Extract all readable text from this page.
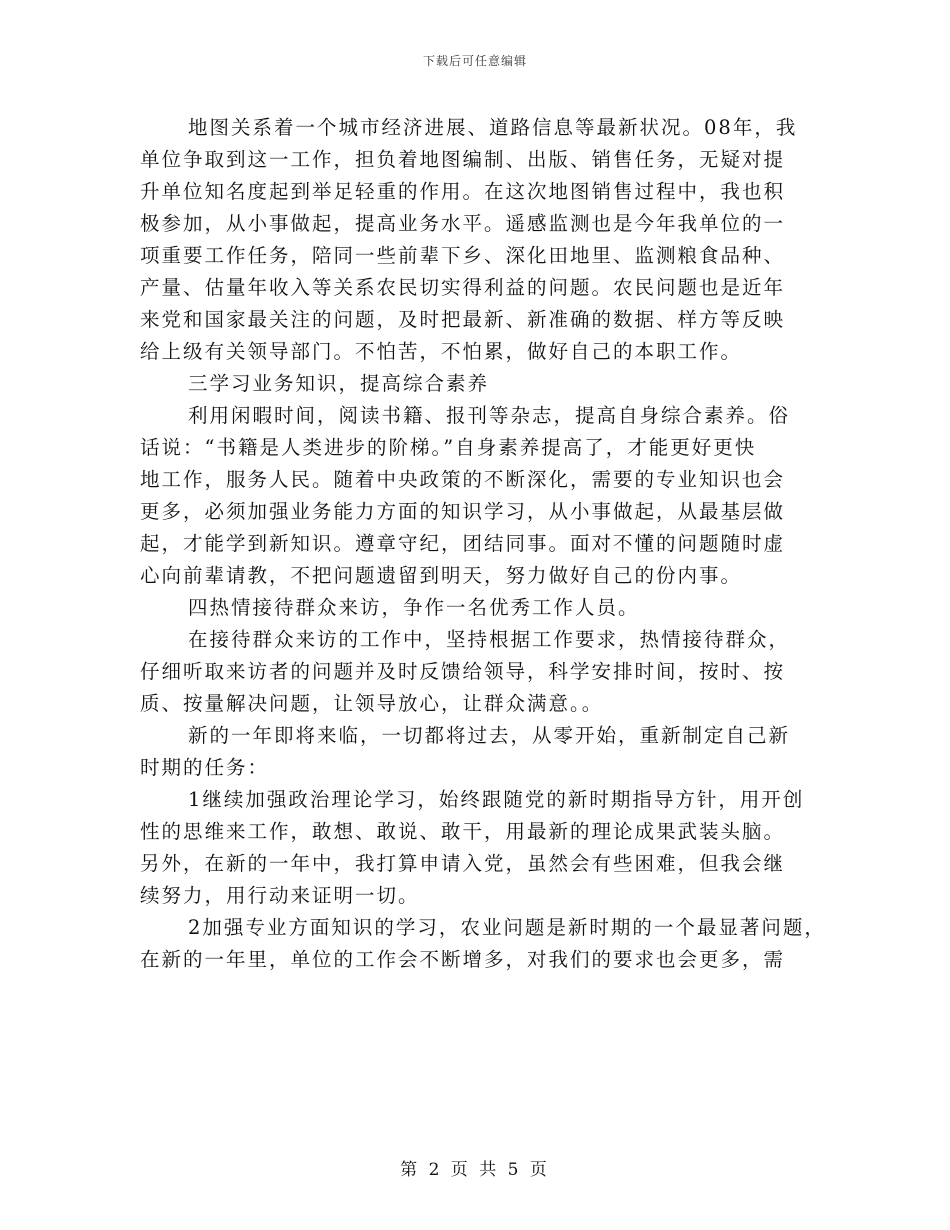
下载后可任意编辑
地图关系着一个城市经济进展、道路信息等最新状况。08年，我
单位争取到这一工作，担负着地图编制、出版、销售任务，无疑对提
升单位知名度起到举足轻重的作用。在这次地图销售过程中，我也积
极参加，从小事做起，提高业务水平。遥感监测也是今年我单位的一
项重要工作任务，陪同一些前辈下乡、深化田地里、监测粮食品种、
产量、估量年收入等关系农民切实得利益的问题。农民问题也是近年
来党和国家最关注的问题，及时把最新、新准确的数据、样方等反映
给上级有关领导部门。不怕苦，不怕累，做好自己的本职工作。
三学习业务知识，提高综合素养
利用闲暇时间，阅读书籍、报刊等杂志，提高自身综合素养。俗
话说：“书籍是人类进步的阶梯。”自身素养提高了，才能更好更快
地工作，服务人民。随着中央政策的不断深化，需要的专业知识也会
更多，必须加强业务能力方面的知识学习，从小事做起，从最基层做
起，才能学到新知识。遵章守纪，团结同事。面对不懂的问题随时虚
心向前辈请教，不把问题遗留到明天，努力做好自己的份内事。
四热情接待群众来访，争作一名优秀工作人员。
在接待群众来访的工作中，坚持根据工作要求，热情接待群众，
仔细听取来访者的问题并及时反馈给领导，科学安排时间，按时、按
质、按量解决问题，让领导放心，让群众满意。。
新的一年即将来临，一切都将过去，从零开始，重新制定自己新
时期的任务：
1继续加强政治理论学习，始终跟随党的新时期指导方针，用开创
性的思维来工作，敢想、敢说、敢干，用最新的理论成果武装头脑。
另外，在新的一年中，我打算申请入党，虽然会有些困难，但我会继
续努力，用行动来证明一切。
2加强专业方面知识的学习，农业问题是新时期的一个最显著问题，
在新的一年里，单位的工作会不断增多，对我们的要求也会更多，需
第 2 页 共 5 页
